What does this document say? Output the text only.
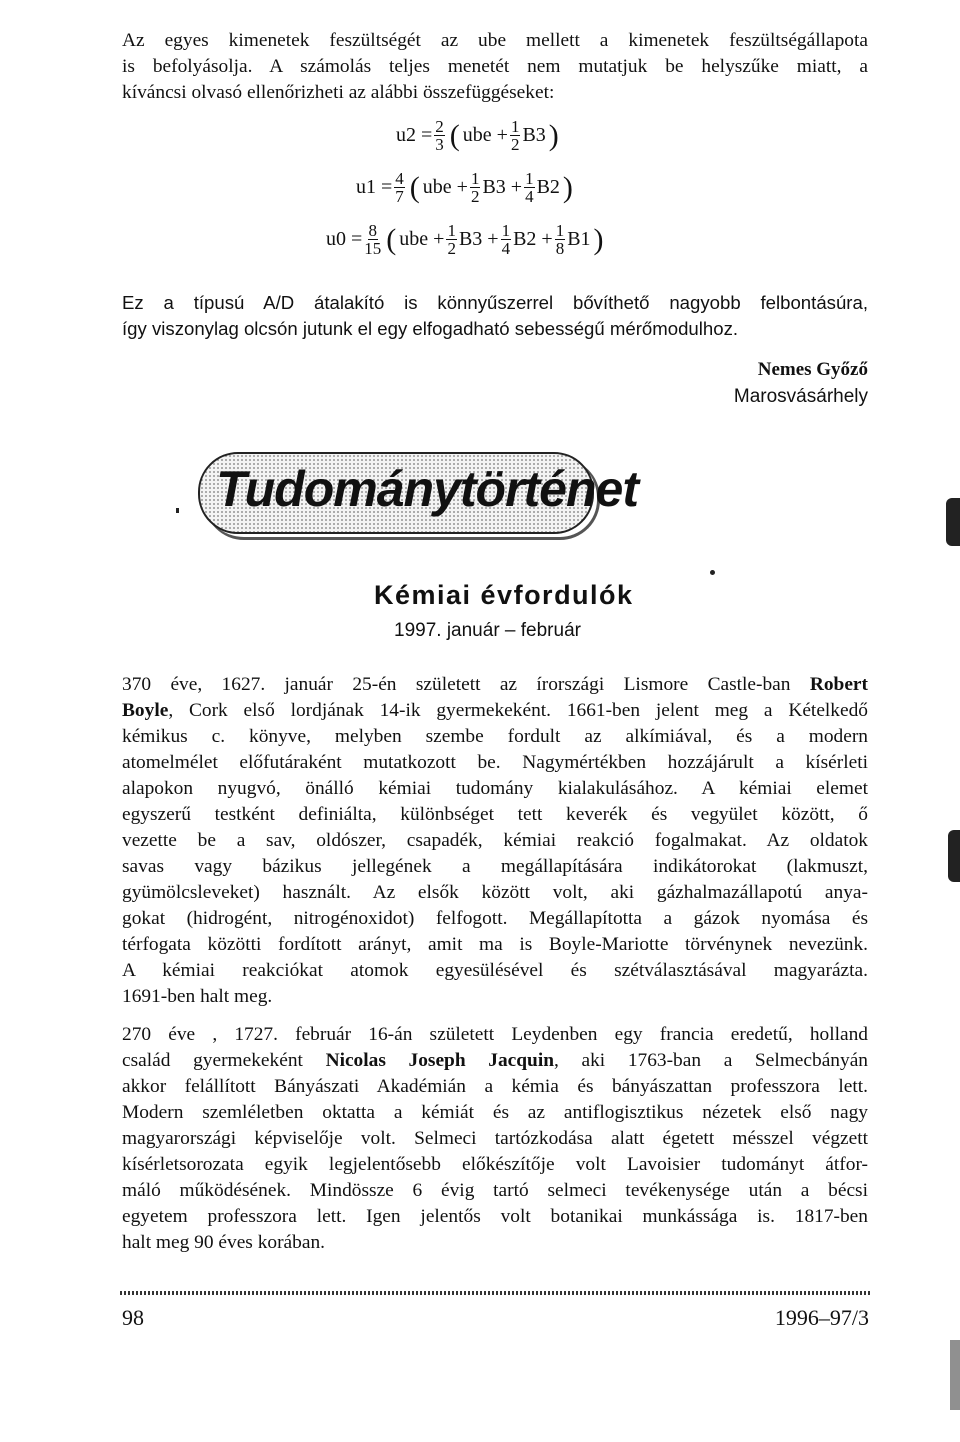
Az egyes kimenetek feszültségét az ube mellett a kimenetek feszültségállapota
is befolyásolja. A számolás teljes menetét nem mutatjuk be helyszűke miatt, a
kíváncsi olvasó ellenőrizheti az alábbi összefüggéseket:
$u2 = \frac{2}{3}$ ( ube + $\frac{1}{2} B3$ )
$u1 = \frac{4}{7}$ ( ube + $\frac{1}{2} B3 + \frac{1}{4} B2$ )
$u0 = \frac{8}{15}$ ( ube + $\frac{1}{2} B3 + \frac{1}{4} B2 + \frac{1}{8} B1$ )
Ez a típusú A/D átalakító is könnyűszerrel bővíthető nagyobb felbontásúra,
így viszonylag olcsón jutunk el egy elfogadható sebességű mérőmodulhoz.
Nemes Győző
Marosvásárhely
Tudománytörténet
Kémiai évfordulók
1997. január – február
370 éve, 1627. január 25-én született az írországi Lismore Castle-ban Robert
Boyle, Cork első lordjának 14-ik gyermekeként. 1661-ben jelent meg a Kételkedő
kémikus c. könyve, melyben szembe fordult az alkímiával, és a modern
atomelmélet előfutáraként mutatkozott be. Nagymértékben hozzájárult a kísérleti
alapokon nyugvó, önálló kémiai tudomány kialakulásához. A kémiai elemet
egyszerű testként definiálta, különbséget tett keverék és vegyület között, ő
vezette be a sav, oldószer, csapadék, kémiai reakció fogalmakat. Az oldatok
savas vagy bázikus jellegének a megállapítására indikátorokat (lakmuszt,
gyümölcsleveket) használt. Az elsők között volt, aki gázhalmazállapotú anya-
gokat (hidrogént, nitrogénoxidot) felfogott. Megállapította a gázok nyomása és
térfogata közötti fordított arányt, amit ma is Boyle-Mariotte törvénynek nevezünk.
A kémiai reakciókat atomok egyesülésével és szétválasztásával magyarázta.
1691-ben halt meg.
270 éve , 1727. február 16-án született Leydenben egy francia eredetű, holland
család gyermekeként Nicolas Joseph Jacquin, aki 1763-ban a Selmecbányán
akkor felállított Bányászati Akadémián a kémia és bányászattan professzora lett.
Modern szemléletben oktatta a kémiát és az antiflogisztikus nézetek első nagy
magyarországi képviselője volt. Selmeci tartózkodása alatt égetett mésszel végzett
kísérletsorozata egyik legjelentősebb előkészítője volt Lavoisier tudományt átfor-
máló működésének. Mindössze 6 évig tartó selmeci tevékenysége után a bécsi
egyetem professzora lett. Igen jelentős volt botanikai munkássága is. 1817-ben
halt meg 90 éves korában.
98	1996–97/3
